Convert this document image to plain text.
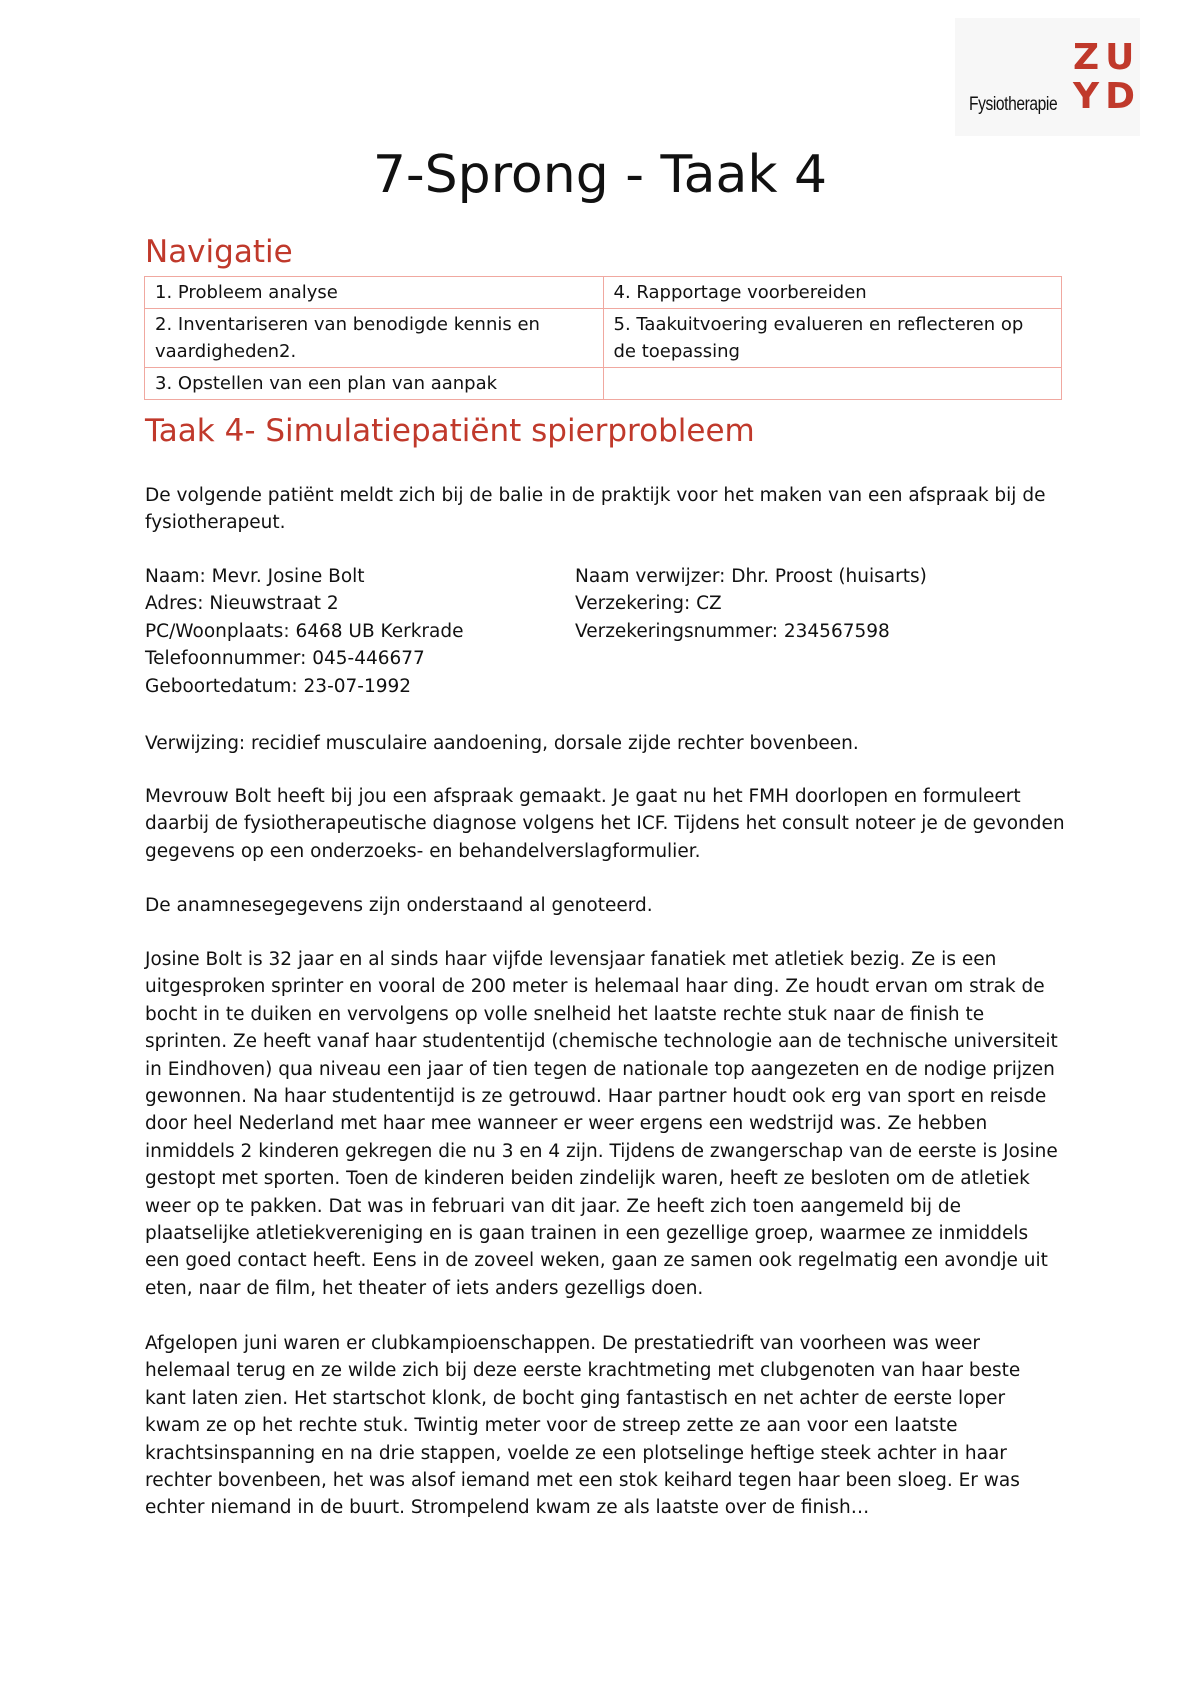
Fysiotherapie
ZU
YD
7-Sprong - Taak 4
Navigatie
1. Probleem analyse	4. Rapportage voorbereiden
2. Inventariseren van benodigde kennis en vaardigheden2.	5. Taakuitvoering evalueren en reflecteren op de toepassing
3. Opstellen van een plan van aanpak	
Taak 4- Simulatiepatiënt spierprobleem

De volgende patiënt meldt zich bij de balie in de praktijk voor het maken van een afspraak bij de fysiotherapeut.

Naam: Mevr. Josine Bolt
Adres: Nieuwstraat 2
PC/Woonplaats: 6468 UB Kerkrade
Telefoonnummer: 045-446677
Geboortedatum: 23-07-1992
Naam verwijzer: Dhr. Proost (huisarts)
Verzekering: CZ
Verzekeringsnummer: 234567598

Verwijzing: recidief musculaire aandoening, dorsale zijde rechter bovenbeen.

Mevrouw Bolt heeft bij jou een afspraak gemaakt. Je gaat nu het FMH doorlopen en formuleert daarbij de fysiotherapeutische diagnose volgens het ICF. Tijdens het consult noteer je de gevonden gegevens op een onderzoeks- en behandelverslagformulier.

De anamnesegegevens zijn onderstaand al genoteerd.

Josine Bolt is 32 jaar en al sinds haar vijfde levensjaar fanatiek met atletiek bezig. Ze is een uitgesproken sprinter en vooral de 200 meter is helemaal haar ding. Ze houdt ervan om strak de bocht in te duiken en vervolgens op volle snelheid het laatste rechte stuk naar de finish te sprinten. Ze heeft vanaf haar studententijd (chemische technologie aan de technische universiteit in Eindhoven) qua niveau een jaar of tien tegen de nationale top aangezeten en de nodige prijzen gewonnen. Na haar studententijd is ze getrouwd. Haar partner houdt ook erg van sport en reisde door heel Nederland met haar mee wanneer er weer ergens een wedstrijd was. Ze hebben inmiddels 2 kinderen gekregen die nu 3 en 4 zijn. Tijdens de zwangerschap van de eerste is Josine gestopt met sporten. Toen de kinderen beiden zindelijk waren, heeft ze besloten om de atletiek weer op te pakken. Dat was in februari van dit jaar. Ze heeft zich toen aangemeld bij de plaatselijke atletiekvereniging en is gaan trainen in een gezellige groep, waarmee ze inmiddels een goed contact heeft. Eens in de zoveel weken, gaan ze samen ook regelmatig een avondje uit eten, naar de film, het theater of iets anders gezelligs doen.

Afgelopen juni waren er clubkampioenschappen. De prestatiedrift van voorheen was weer helemaal terug en ze wilde zich bij deze eerste krachtmeting met clubgenoten van haar beste kant laten zien. Het startschot klonk, de bocht ging fantastisch en net achter de eerste loper kwam ze op het rechte stuk. Twintig meter voor de streep zette ze aan voor een laatste krachtsinspanning en na drie stappen, voelde ze een plotselinge heftige steek achter in haar rechter bovenbeen, het was alsof iemand met een stok keihard tegen haar been sloeg. Er was echter niemand in de buurt. Strompelend kwam ze als laatste over de finish…
